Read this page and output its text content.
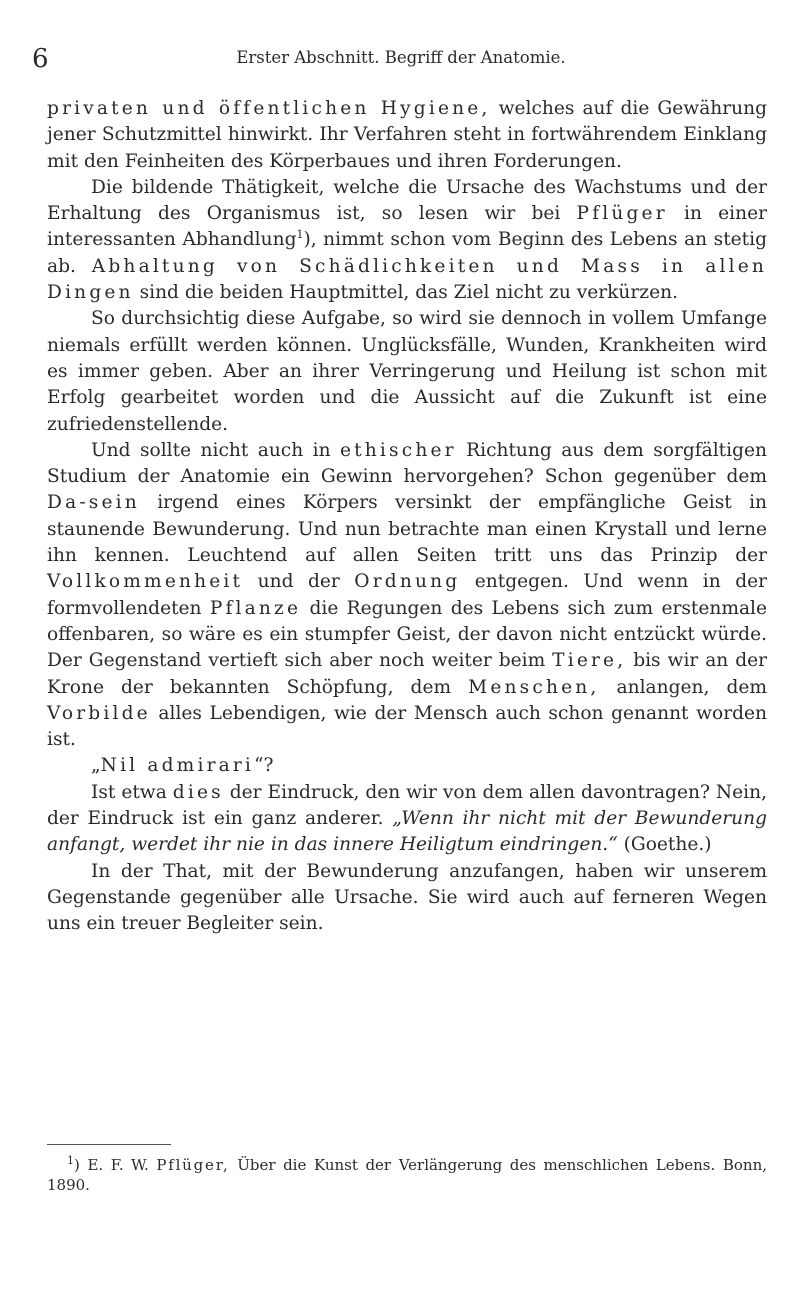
6	Erster Abschnitt. Begriff der Anatomie.

privaten und öffentlichen Hygiene, welches auf die Gewährung jener Schutzmittel hinwirkt. Ihr Verfahren steht in fortwährendem Einklang mit den Feinheiten des Körperbaues und ihren Forderungen.

Die bildende Thätigkeit, welche die Ursache des Wachstums und der Erhaltung des Organismus ist, so lesen wir bei Pflüger in einer interessanten Abhandlung$^1$), nimmt schon vom Beginn des Lebens an stetig ab. Abhaltung von Schädlichkeiten und Mass in allen Dingen sind die beiden Hauptmittel, das Ziel nicht zu verkürzen.

So durchsichtig diese Aufgabe, so wird sie dennoch in vollem Umfange niemals erfüllt werden können. Unglücksfälle, Wunden, Krankheiten wird es immer geben. Aber an ihrer Verringerung und Heilung ist schon mit Erfolg gearbeitet worden und die Aussicht auf die Zukunft ist eine zufriedenstellende.

Und sollte nicht auch in ethischer Richtung aus dem sorgfältigen Studium der Anatomie ein Gewinn hervorgehen? Schon gegenüber dem Da-sein irgend eines Körpers versinkt der empfängliche Geist in staunende Bewunderung. Und nun betrachte man einen Krystall und lerne ihn kennen. Leuchtend auf allen Seiten tritt uns das Prinzip der Vollkommenheit und der Ordnung entgegen. Und wenn in der formvollendeten Pflanze die Regungen des Lebens sich zum erstenmale offenbaren, so wäre es ein stumpfer Geist, der davon nicht entzückt würde. Der Gegenstand vertieft sich aber noch weiter beim Tiere, bis wir an der Krone der bekannten Schöpfung, dem Menschen, anlangen, dem Vorbilde alles Lebendigen, wie der Mensch auch schon genannt worden ist.

„Nil admirari“?

Ist etwa dies der Eindruck, den wir von dem allen davontragen? Nein, der Eindruck ist ein ganz anderer. „Wenn ihr nicht mit der Bewunderung anfangt, werdet ihr nie in das innere Heiligtum eindringen.“ (Goethe.)

In der That, mit der Bewunderung anzufangen, haben wir unserem Gegenstande gegenüber alle Ursache. Sie wird auch auf ferneren Wegen uns ein treuer Begleiter sein.

$^1$) E. F. W. Pflüger, Über die Kunst der Verlängerung des menschlichen Lebens. Bonn, 1890.
